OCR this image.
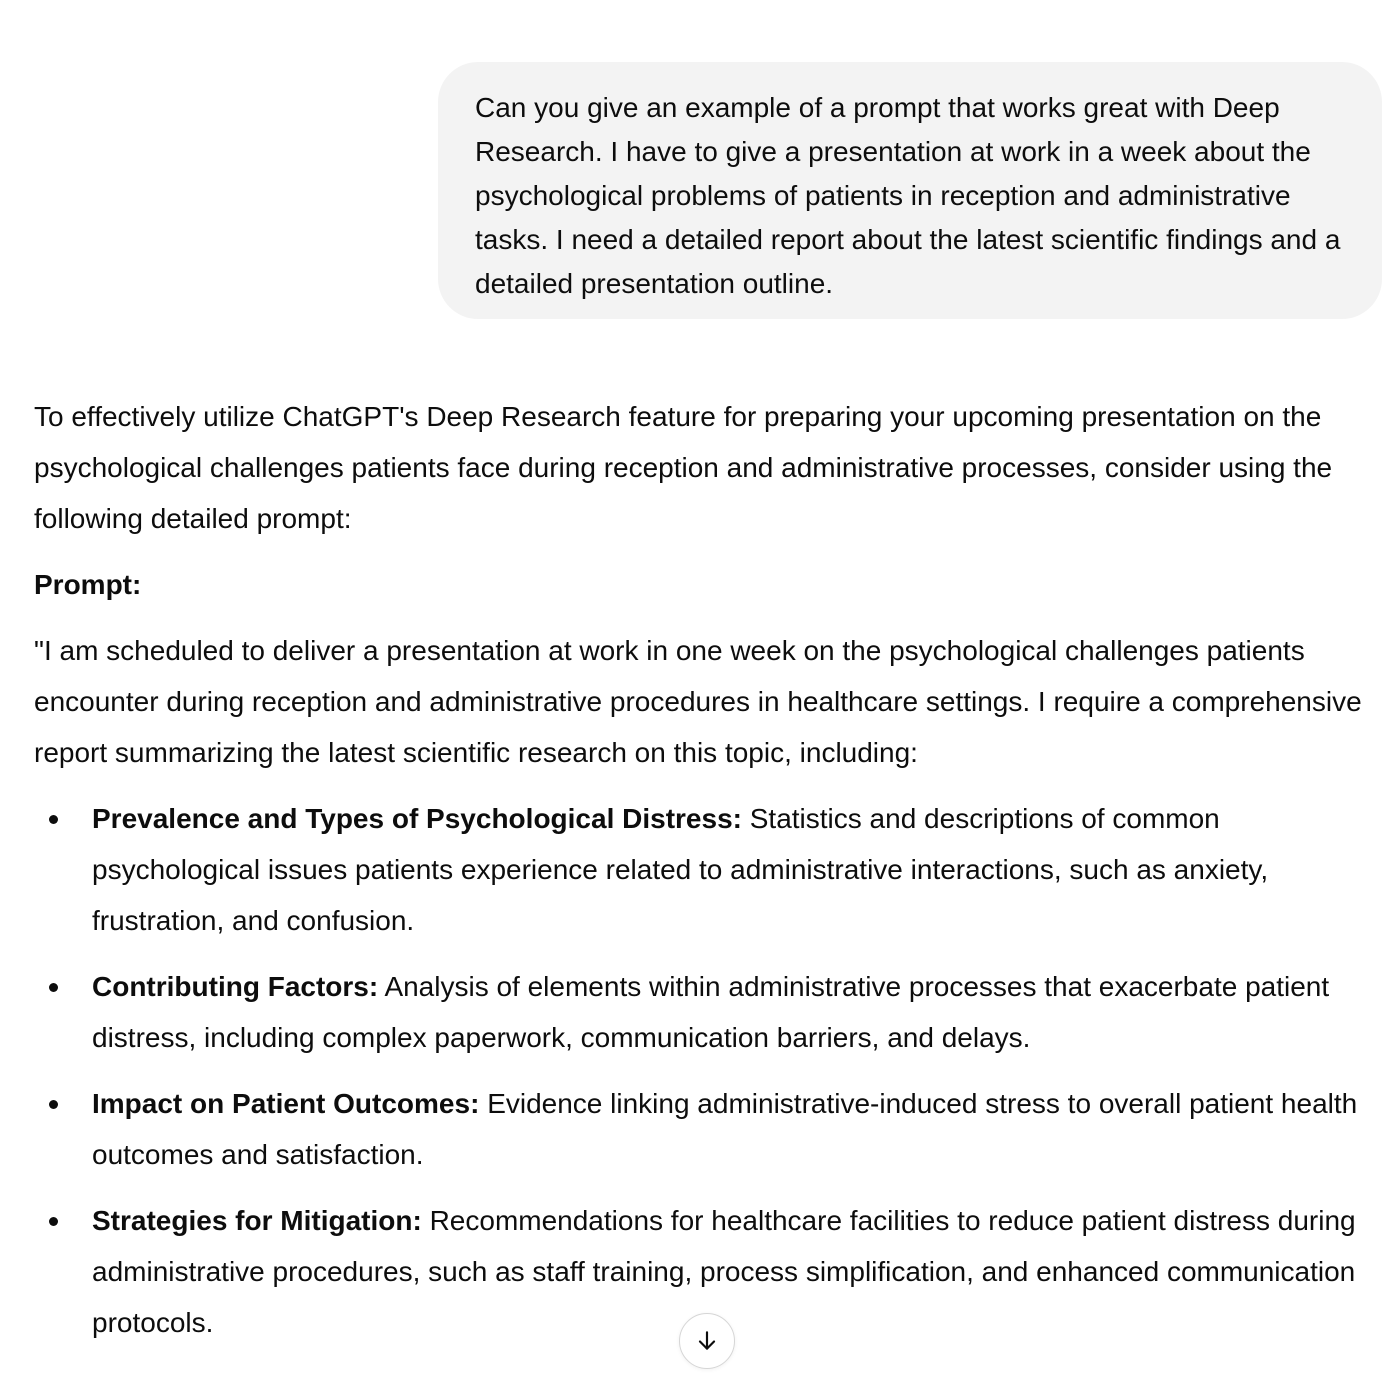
Can you give an example of a prompt that works great with Deep Research. I have to give a presentation at work in a week about the psychological problems of patients in reception and administrative tasks. I need a detailed report about the latest scientific findings and a detailed presentation outline.

To effectively utilize ChatGPT's Deep Research feature for preparing your upcoming presentation on the psychological challenges patients face during reception and administrative processes, consider using the following detailed prompt:

Prompt:

"I am scheduled to deliver a presentation at work in one week on the psychological challenges patients encounter during reception and administrative procedures in healthcare settings. I require a comprehensive report summarizing the latest scientific research on this topic, including:

Prevalence and Types of Psychological Distress: Statistics and descriptions of common psychological issues patients experience related to administrative interactions, such as anxiety, frustration, and confusion.
Contributing Factors: Analysis of elements within administrative processes that exacerbate patient distress, including complex paperwork, communication barriers, and delays.
Impact on Patient Outcomes: Evidence linking administrative-induced stress to overall patient health outcomes and satisfaction.
Strategies for Mitigation: Recommendations for healthcare facilities to reduce patient distress during administrative procedures, such as staff training, process simplification, and enhanced communication protocols.
